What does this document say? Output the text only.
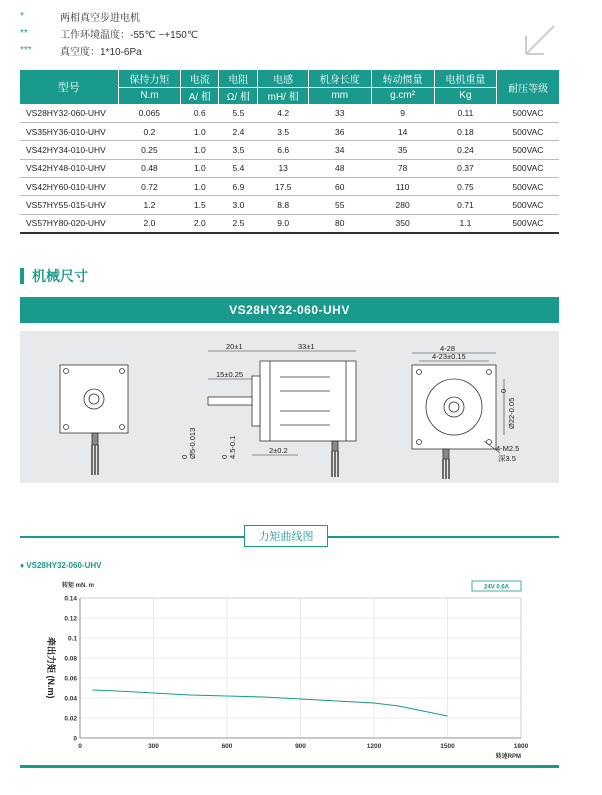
*	两相真空步进电机
**	工作环境温度：-55℃ ~+150℃
***	真空度：1*10-6Pa
型号	保持力矩	电流	电阻	电感	机身长度	转动惯量	电机重量	耐压等级
	N.m	A/ 相	Ω/ 相	mH/ 相	mm	g.cm²	Kg	
VS28HY32-060-UHV	0.065	0.6	5.5	4.2	33	9	0.11	500VAC
VS35HY36-010-UHV	0.2	1.0	2.4	3.5	36	14	0.18	500VAC
VS42HY34-010-UHV	0.25	1.0	3.5	6.6	34	35	0.24	500VAC
VS42HY48-010-UHV	0.48	1.0	5.4	13	48	78	0.37	500VAC
VS42HY60-010-UHV	0.72	1.0	6.9	17.5	60	110	0.75	500VAC
VS57HY55-015-UHV	1.2	1.5	3.0	8.8	55	280	0.71	500VAC
VS57HY80-020-UHV	2.0	2.0	2.5	9.0	80	350	1.1	500VAC
机械尺寸
VS28HY32-060-UHV
20±1	33±1
15±0.25
2±0.2
4-28
4-23±0.15
4-M2.5
深3.5
Ø5-0.013
0	4.5-0.1
0
Ø22-0.05
0
力矩曲线图
♦ VS28HY32-060-UHV
0
0.02
0.04
0.06
0.08
0.1
0.12
0.14
0	300	600	900	1200	1500	1800
转矩 mN. m
牵出力矩 (N.m)
转速RPM
24V 0.6A
